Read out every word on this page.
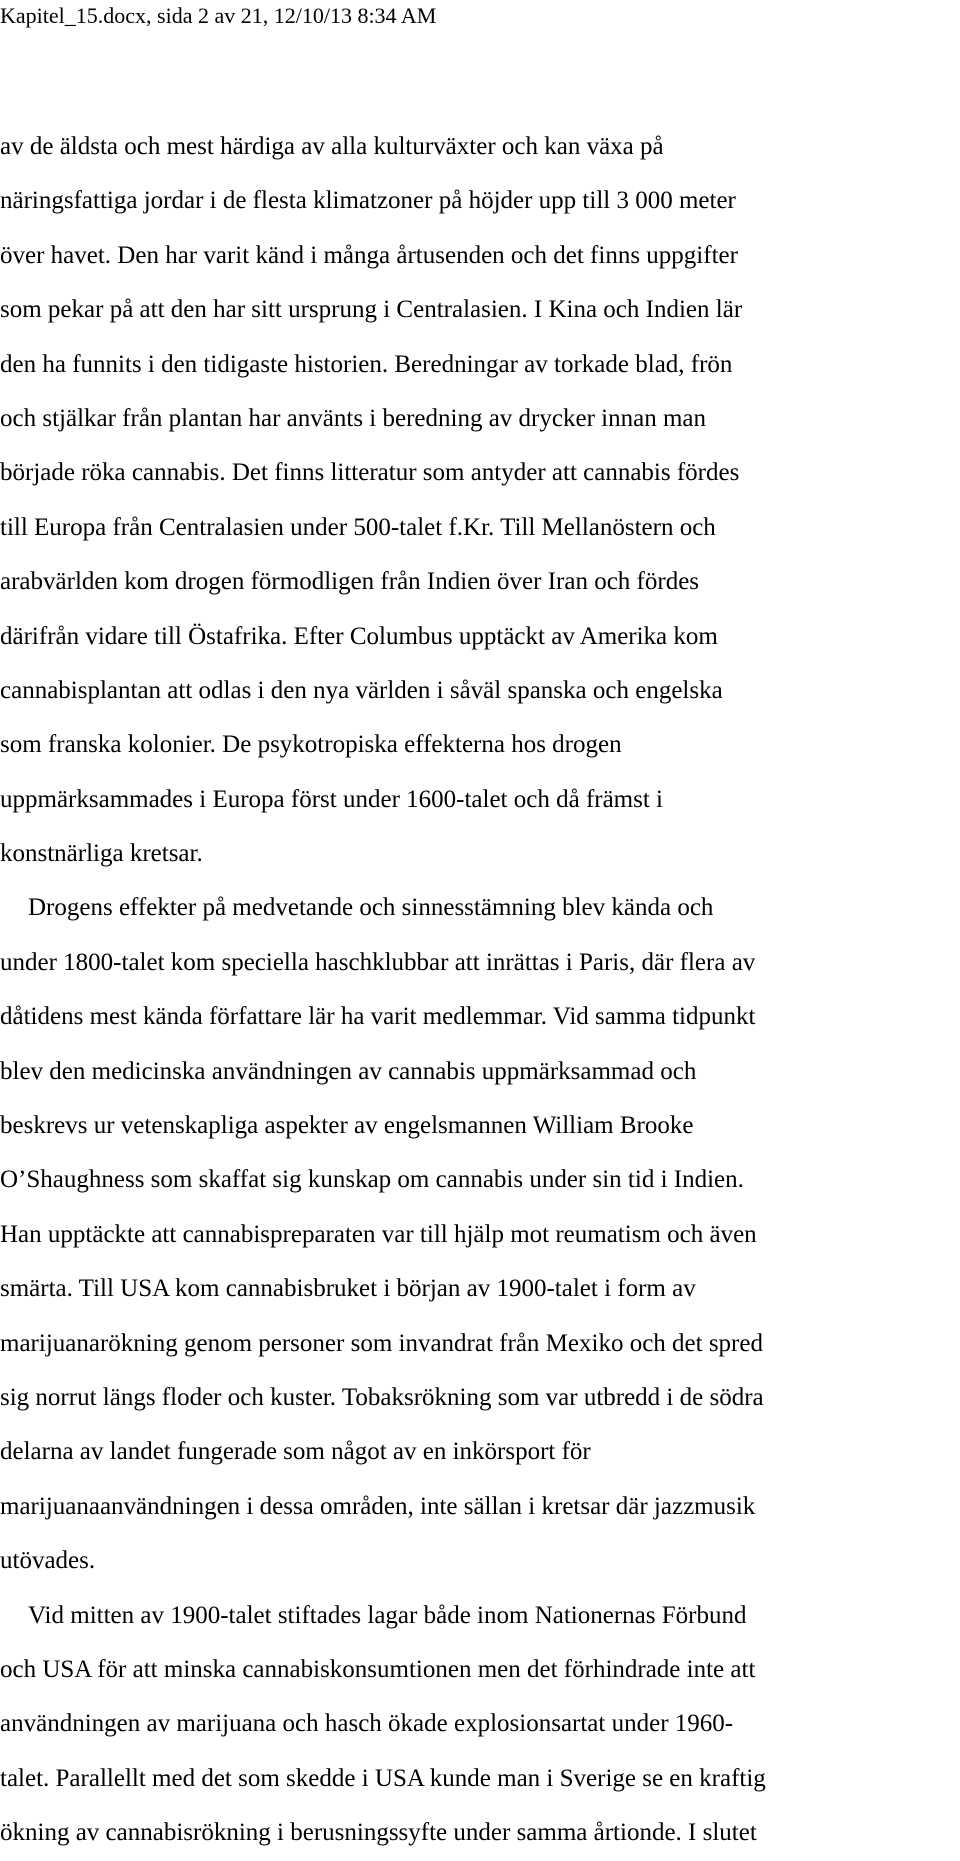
Kapitel_15.docx, sida 2 av 21, 12/10/13 8:34 AM

av de äldsta och mest härdiga av alla kulturväxter och kan växa på
näringsfattiga jordar i de flesta klimatzoner på höjder upp till 3 000 meter
över havet. Den har varit känd i många årtusenden och det finns uppgifter
som pekar på att den har sitt ursprung i Centralasien. I Kina och Indien lär
den ha funnits i den tidigaste historien. Beredningar av torkade blad, frön
och stjälkar från plantan har använts i beredning av drycker innan man
började röka cannabis. Det finns litteratur som antyder att cannabis fördes
till Europa från Centralasien under 500-talet f.Kr. Till Mellanöstern och
arabvärlden kom drogen förmodligen från Indien över Iran och fördes
därifrån vidare till Östafrika. Efter Columbus upptäckt av Amerika kom
cannabisplantan att odlas i den nya världen i såväl spanska och engelska
som franska kolonier. De psykotropiska effekterna hos drogen
uppmärksammades i Europa först under 1600-talet och då främst i
konstnärliga kretsar.

Drogens effekter på medvetande och sinnesstämning blev kända och
under 1800-talet kom speciella haschklubbar att inrättas i Paris, där flera av
dåtidens mest kända författare lär ha varit medlemmar. Vid samma tidpunkt
blev den medicinska användningen av cannabis uppmärksammad och
beskrevs ur vetenskapliga aspekter av engelsmannen William Brooke
O’Shaughness som skaffat sig kunskap om cannabis under sin tid i Indien.
Han upptäckte att cannabispreparaten var till hjälp mot reumatism och även
smärta. Till USA kom cannabisbruket i början av 1900-talet i form av
marijuanarökning genom personer som invandrat från Mexiko och det spred
sig norrut längs floder och kuster. Tobaksrökning som var utbredd i de södra
delarna av landet fungerade som något av en inkörsport för
marijuanaanvändningen i dessa områden, inte sällan i kretsar där jazzmusik
utövades.

Vid mitten av 1900-talet stiftades lagar både inom Nationernas Förbund
och USA för att minska cannabiskonsumtionen men det förhindrade inte att
användningen av marijuana och hasch ökade explosionsartat under 1960-
talet. Parallellt med det som skedde i USA kunde man i Sverige se en kraftig
ökning av cannabisrökning i berusningssyfte under samma årtionde. I slutet
